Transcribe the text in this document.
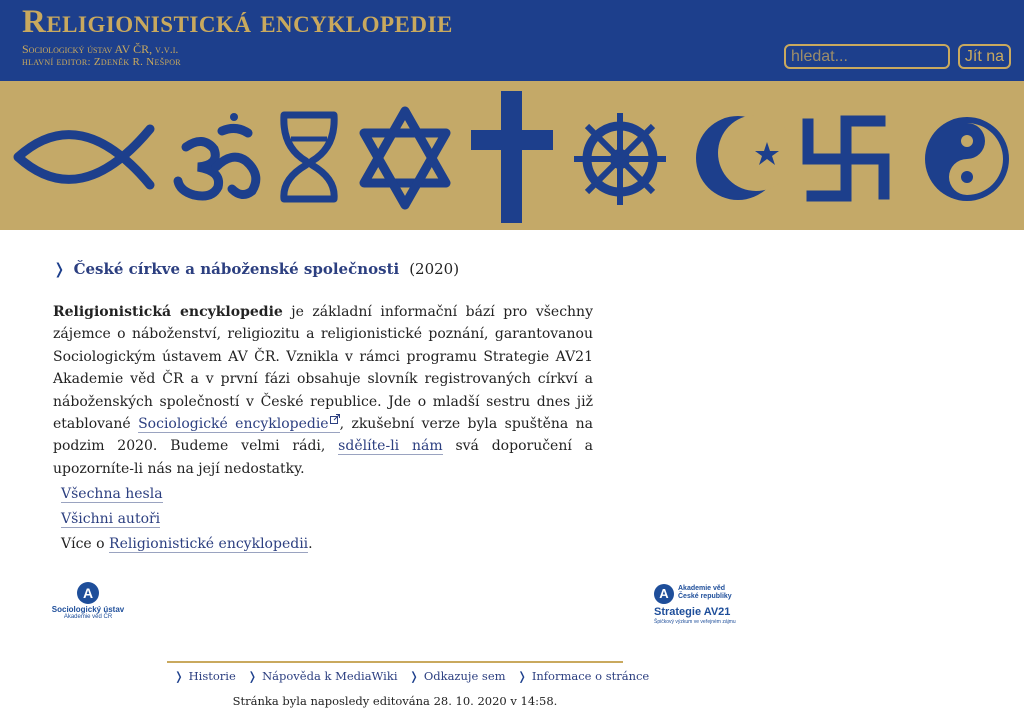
Religionistická encyklopedie
Sociologický ústav AV ČR, v.v.i.
hlavní editor: Zdeněk R. Nešpor
hledat...	Jít na
❭ České církve a náboženské společnosti (2020)

Religionistická encyklopedie je základní informační bází pro všechny zájemce o náboženství, religiozitu a religionistické poznání, garantovanou Sociologickým ústavem AV ČR. Vznikla v rámci programu Strategie AV21 Akademie věd ČR a v první fázi obsahuje slovník registrovaných církví a náboženských společností v České republice. Jde o mladší sestru dnes již etablované Sociologické encyklopedie , zkušební verze byla spuštěna na podzim 2020. Budeme velmi rádi, sdělíte-li nám svá doporučení a upozorníte-li nás na její nedostatky.

Všechna hesla
Všichni autoři
Více o Religionistické encyklopedii.
A
Sociologický ústav
Akademie věd ČR
A	Akademie věd
České republiky
Strategie AV21
Špičkový výzkum ve veřejném zájmu
❭ Historie ❭ Nápověda k MediaWiki ❭ Odkazuje sem ❭ Informace o stránce
Stránka byla naposledy editována 28. 10. 2020 v 14:58.
